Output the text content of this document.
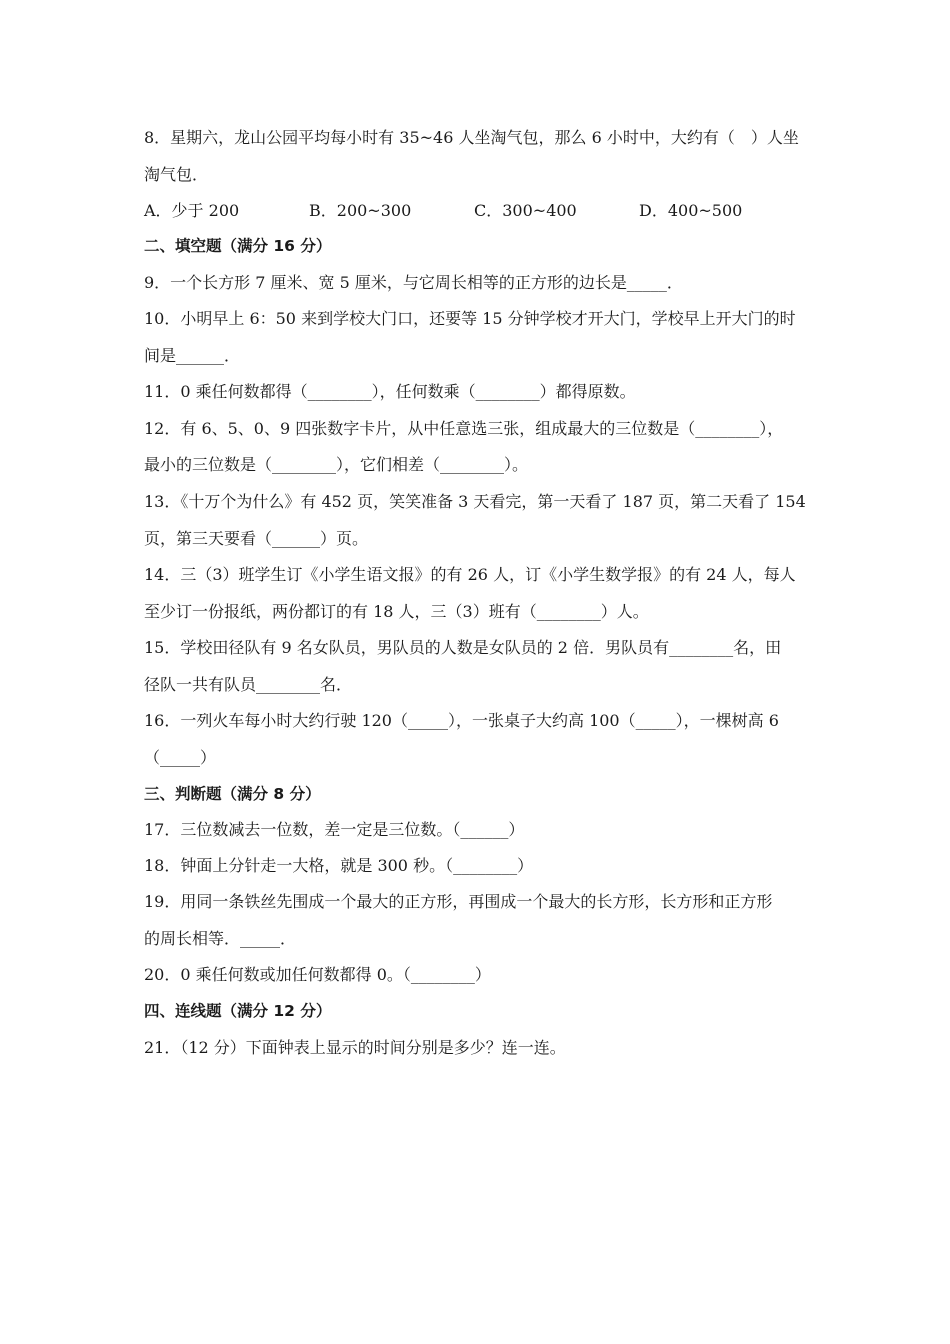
8．星期六，龙山公园平均每小时有 35~46 人坐淘气包，那么 6 小时中，大约有（　）人坐
淘气包．
A．少于 200	B．200~300	C．300~400	D．400~500
二、填空题（满分 16 分）
9．一个长方形 7 厘米、宽 5 厘米，与它周长相等的正方形的边长是_____．
10．小明早上 6：50 来到学校大门口，还要等 15 分钟学校才开大门，学校早上开大门的时
间是______．
11．0 乘任何数都得（________），任何数乘（________）都得原数。
12．有 6、5、0、9 四张数字卡片，从中任意选三张，组成最大的三位数是（________），
最小的三位数是（________），它们相差（________）。
13．《十万个为什么》有 452 页，笑笑准备 3 天看完，第一天看了 187 页，第二天看了 154
页，第三天要看（______）页。
14．三（3）班学生订《小学生语文报》的有 26 人，订《小学生数学报》的有 24 人，每人
至少订一份报纸，两份都订的有 18 人，三（3）班有（________）人。
15．学校田径队有 9 名女队员，男队员的人数是女队员的 2 倍．男队员有________名，田
径队一共有队员________名．
16．一列火车每小时大约行驶 120（_____），一张桌子大约高 100（_____），一棵树高 6
（_____）
三、判断题（满分 8 分）
17．三位数减去一位数，差一定是三位数。（______）
18．钟面上分针走一大格，就是 300 秒。（________）
19．用同一条铁丝先围成一个最大的正方形，再围成一个最大的长方形，长方形和正方形
的周长相等．_____．
20．0 乘任何数或加任何数都得 0。（________）
四、连线题（满分 12 分）
21．（12 分）下面钟表上显示的时间分别是多少？连一连。
